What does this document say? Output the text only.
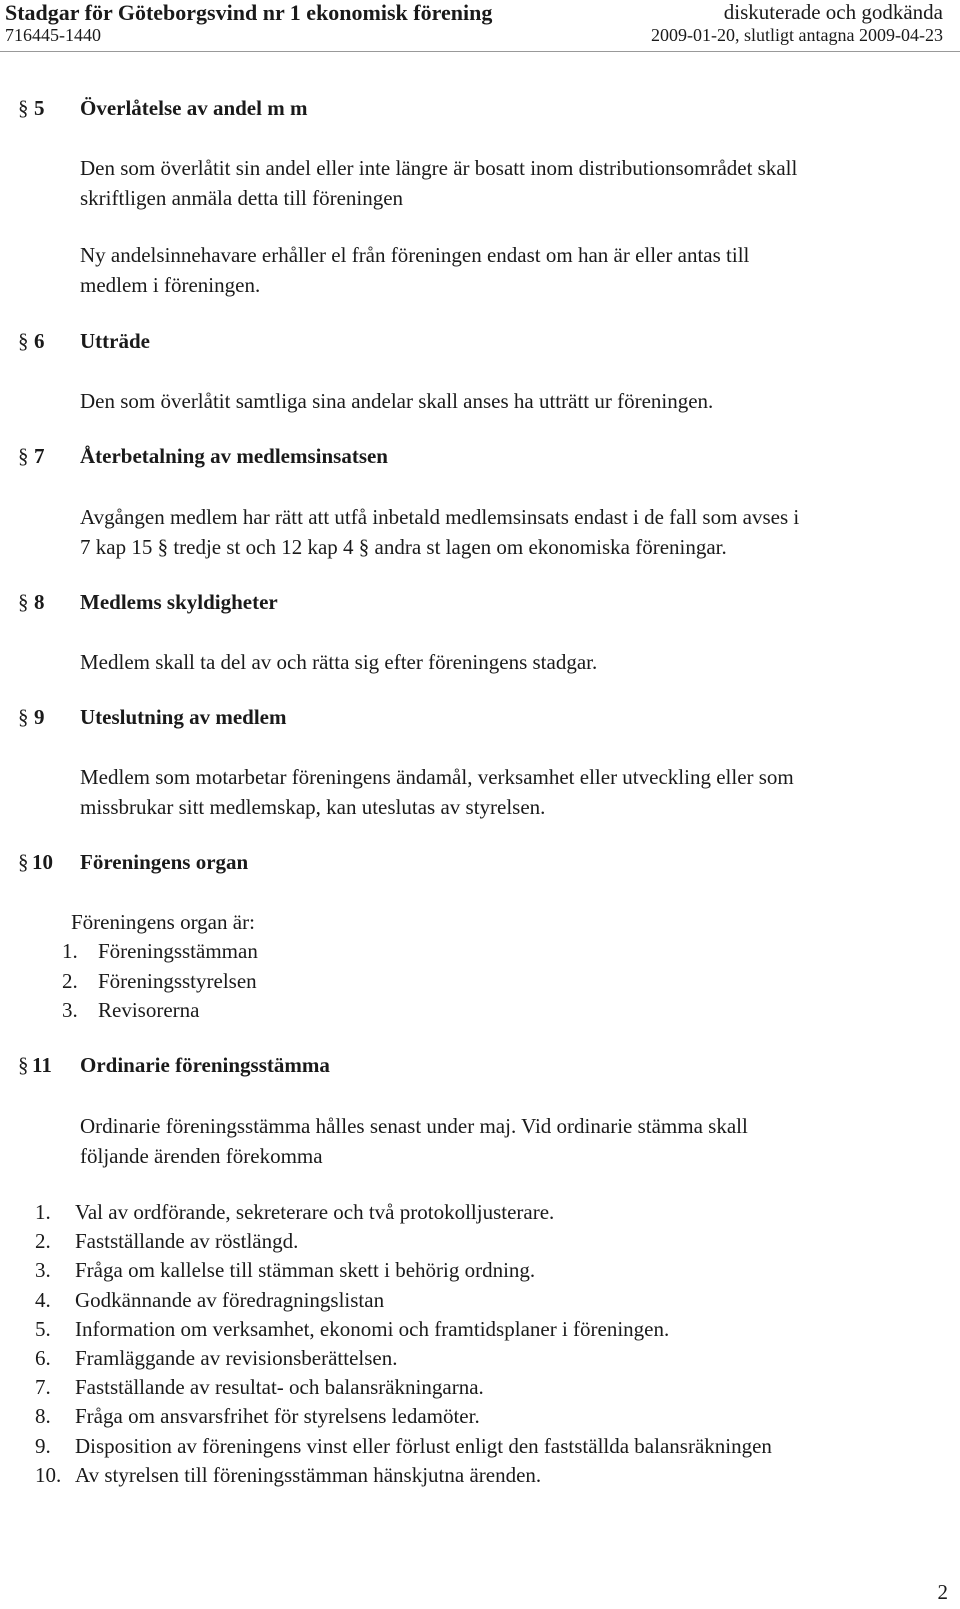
Stadgar för Göteborgsvind nr 1 ekonomisk förening	diskuterade och godkända
716445-1440	2009-01-20, slutligt antagna 2009-04-23
§ 5 Överlåtelse av andel m m
Den som överlåtit sin andel eller inte längre är bosatt inom distributionsområdet skall
skriftligen anmäla detta till föreningen
Ny andelsinnehavare erhåller el från föreningen endast om han är eller antas till
medlem i föreningen.
§ 6 Utträde
Den som överlåtit samtliga sina andelar skall anses ha utträtt ur föreningen.
§ 7 Återbetalning av medlemsinsatsen
Avgången medlem har rätt att utfå inbetald medlemsinsats endast i de fall som avses i
7 kap 15 § tredje st och 12 kap 4 § andra st lagen om ekonomiska föreningar.
§ 8 Medlems skyldigheter
Medlem skall ta del av och rätta sig efter föreningens stadgar.
§ 9 Uteslutning av medlem
Medlem som motarbetar föreningens ändamål, verksamhet eller utveckling eller som
missbrukar sitt medlemskap, kan uteslutas av styrelsen.
§ 10 Föreningens organ
Föreningens organ är:
1. Föreningsstämman
2. Föreningsstyrelsen
3. Revisorerna
§ 11 Ordinarie föreningsstämma
Ordinarie föreningsstämma hålles senast under maj. Vid ordinarie stämma skall
följande ärenden förekomma
1. Val av ordförande, sekreterare och två protokolljusterare.
2. Fastställande av röstlängd.
3. Fråga om kallelse till stämman skett i behörig ordning.
4. Godkännande av föredragningslistan
5. Information om verksamhet, ekonomi och framtidsplaner i föreningen.
6. Framläggande av revisionsberättelsen.
7. Fastställande av resultat- och balansräkningarna.
8. Fråga om ansvarsfrihet för styrelsens ledamöter.
9. Disposition av föreningens vinst eller förlust enligt den fastställda balansräkningen
10. Av styrelsen till föreningsstämman hänskjutna ärenden.
2
